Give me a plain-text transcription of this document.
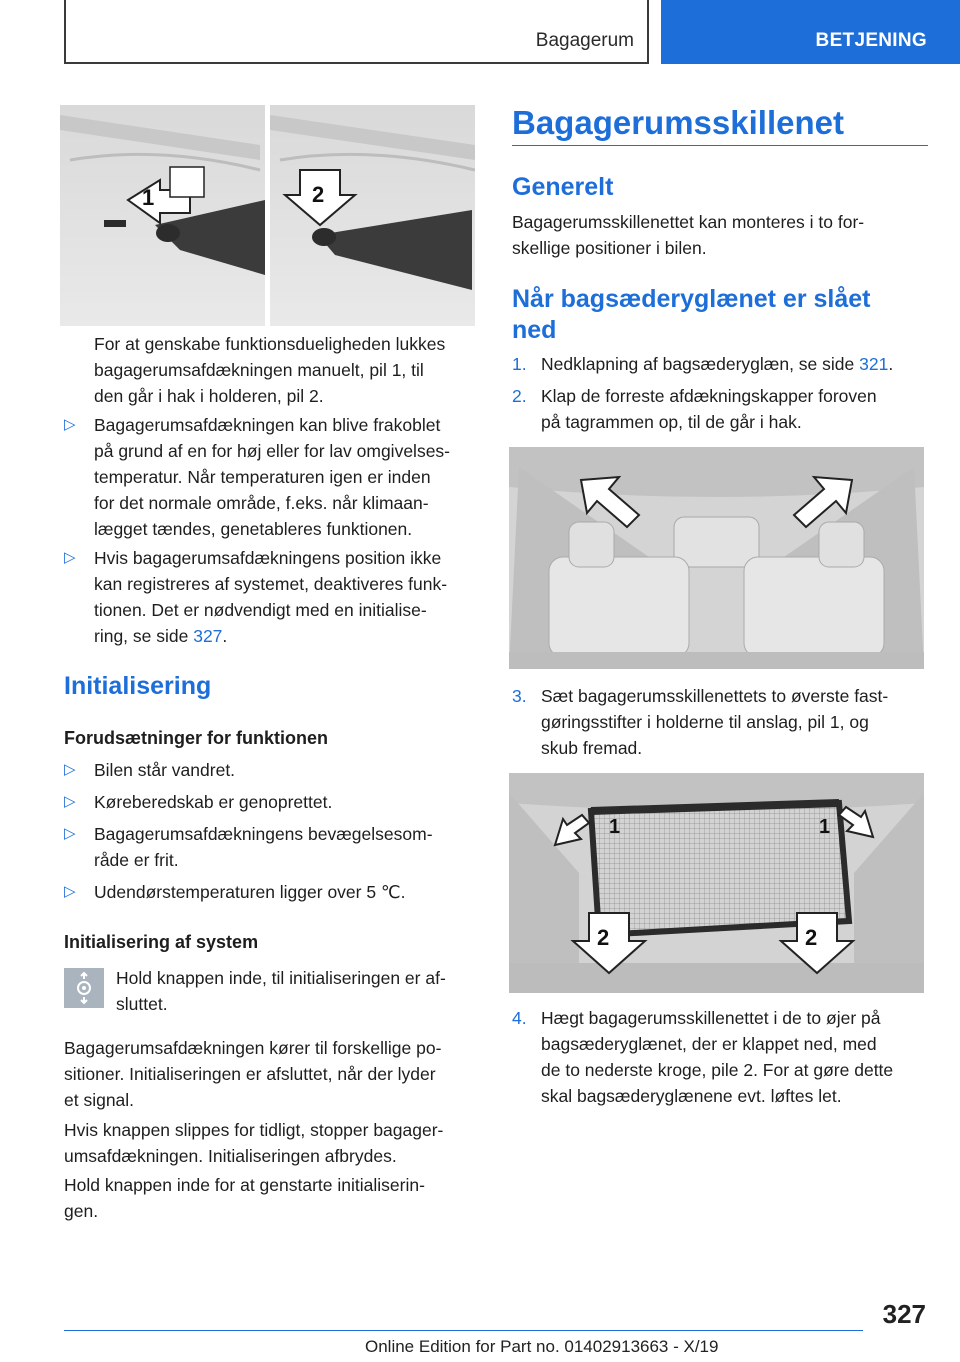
Bagagerum	BETJENING
1	2
For at genskabe funktionsdueligheden lukkes
bagagerumsafdækningen manuelt, pil 1, til
den går i hak i holderen, pil 2.
▷ Bagagerumsafdækningen kan blive frakoblet
på grund af en for høj eller for lav omgivelses-
temperatur. Når temperaturen igen er inden
for det normale område, f.eks. når klimaan-
lægget tændes, genetableres funktionen.
▷ Hvis bagagerumsafdækningens position ikke
kan registreres af systemet, deaktiveres funk-
tionen. Det er nødvendigt med en initialise-
ring, se side 327.
Initialisering
Forudsætninger for funktionen
▷ Bilen står vandret.
▷ Køreberedskab er genoprettet.
▷ Bagagerumsafdækningens bevægelsesom-
råde er frit.
▷ Udendørstemperaturen ligger over 5 ℃.
Initialisering af system
Hold knappen inde, til initialiseringen er af-
sluttet.
Bagagerumsafdækningen kører til forskellige po-
sitioner. Initialiseringen er afsluttet, når der lyder
et signal.
Hvis knappen slippes for tidligt, stopper bagager-
umsafdækningen. Initialiseringen afbrydes.
Hold knappen inde for at genstarte initialiserin-
gen.
Bagagerumsskillenet
Generelt
Bagagerumsskillenettet kan monteres i to for-
skellige positioner i bilen.
Når bagsæderyglænet er slået
ned
1. Nedklapning af bagsæderyglæn, se side 321.
2. Klap de forreste afdækningskapper foroven
på tagrammen op, til de går i hak.
3. Sæt bagagerumsskillenettets to øverste fast-
gøringsstifter i holderne til anslag, pil 1, og
skub fremad.
1	1
2	2
4. Hægt bagagerumsskillenettet i de to øjer på
bagsæderyglænet, der er klappet ned, med
de to nederste kroge, pile 2. For at gøre dette
skal bagsæderyglænene evt. løftes let.
327
Online Edition for Part no. 01402913663 - X/19
